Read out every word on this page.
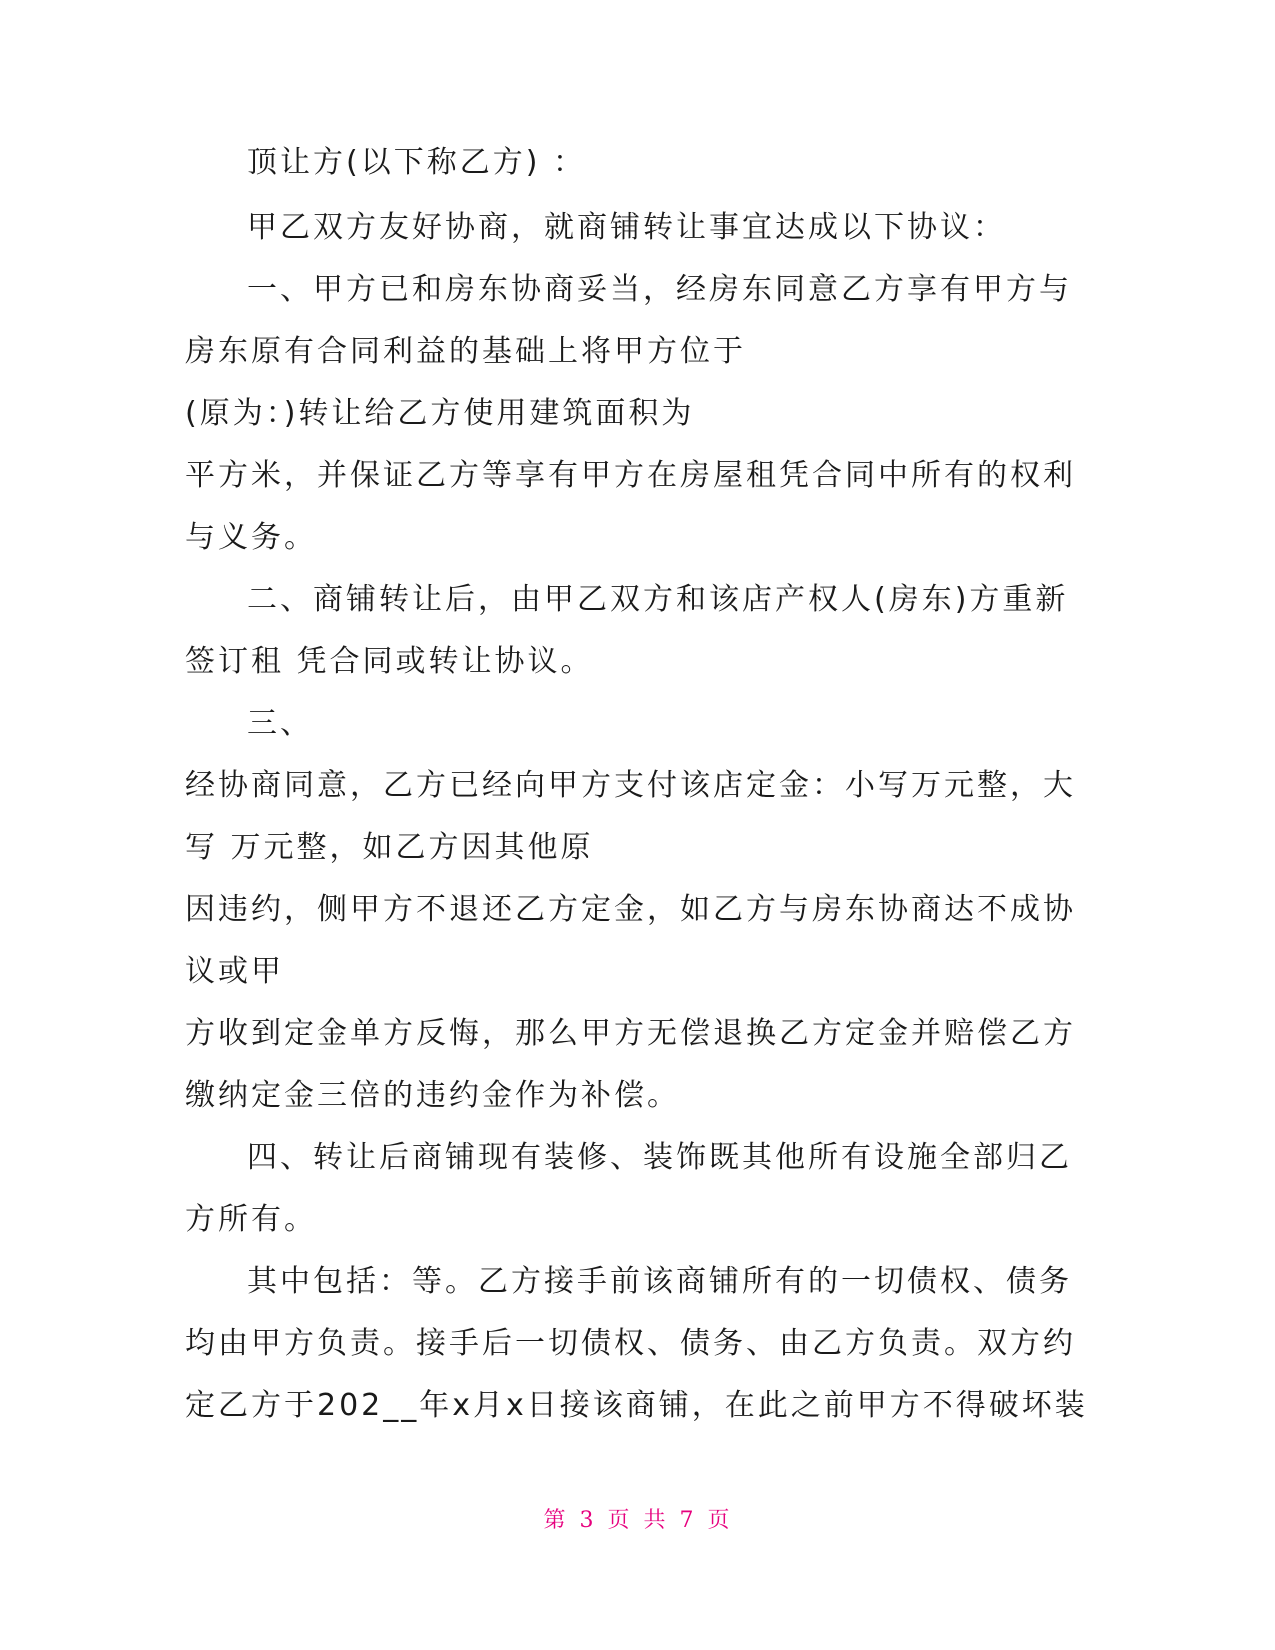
顶让方(以下称乙方) ：
甲乙双方友好协商，就商铺转让事宜达成以下协议：
一、甲方已和房东协商妥当，经房东同意乙方享有甲方与
房东原有合同利益的基础上将甲方位于
(原为：)转让给乙方使用建筑面积为
平方米，并保证乙方等享有甲方在房屋租凭合同中所有的权利
与义务。
二、商铺转让后，由甲乙双方和该店产权人(房东)方重新
签订租 凭合同或转让协议。
三、
经协商同意，乙方已经向甲方支付该店定金：小写万元整，大
写 万元整，如乙方因其他原
因违约，侧甲方不退还乙方定金，如乙方与房东协商达不成协
议或甲
方收到定金单方反悔，那么甲方无偿退换乙方定金并赔偿乙方
缴纳定金三倍的违约金作为补偿。
四、转让后商铺现有装修、装饰既其他所有设施全部归乙
方所有。
其中包括：等。乙方接手前该商铺所有的一切债权、债务
均由甲方负责。接手后一切债权、债务、由乙方负责。双方约
定乙方于202__年x月x日接该商铺，在此之前甲方不得破坏装
第 3 页 共 7 页
